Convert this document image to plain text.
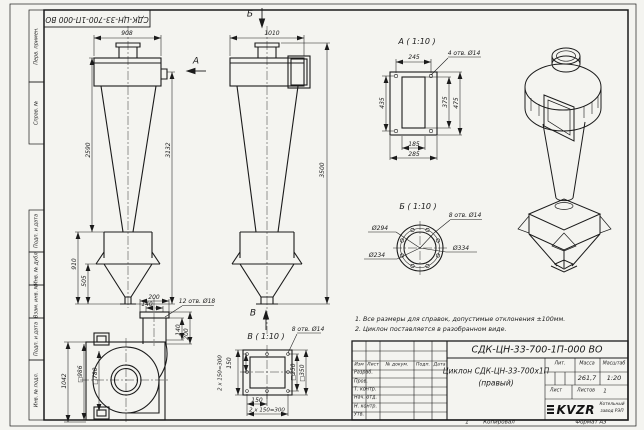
908
А
Б
В
1010
2590	3132
910
505
3500
А ( 1:10 )
245
4 отв. Ø14
435	375 475
185
285
Б ( 1:10 )
8 отв. Ø14
Ø294
Ø234
Ø334
В ( 1:10 )
8 отв. Ø14
2 х 150=300 150
□250 □350
150
2 х 150=300
200
140	12 отв. Ø18
140 200
1042 □986 □780
Перв. примен.
Справ. №
Подп. и дата
Инв. № дубл.
Взам. инв. №
Подп. и дата
Инв. № подл.
Изм Лист № докум. Подп. Дата
Разраб.
Пров.
Т. контр.
Нач. отд.
Н. контр.
Утв.
СДК-ЦН-33-700-1П-000 ВО
1. Все размеры для справок, допустимые отклонения ±100мм.
2. Циклон поставляется в разобранном виде.
СДК-ЦН-33-700-1П-000 ВО
Циклон СДК-ЦН-33-700х1П
(правый)
Лит.	Масса Масштаб
261,7 1:20
Лист	Листов 1
KVZR Котельный
завод РЭП
1	Копировал	Формат А3
